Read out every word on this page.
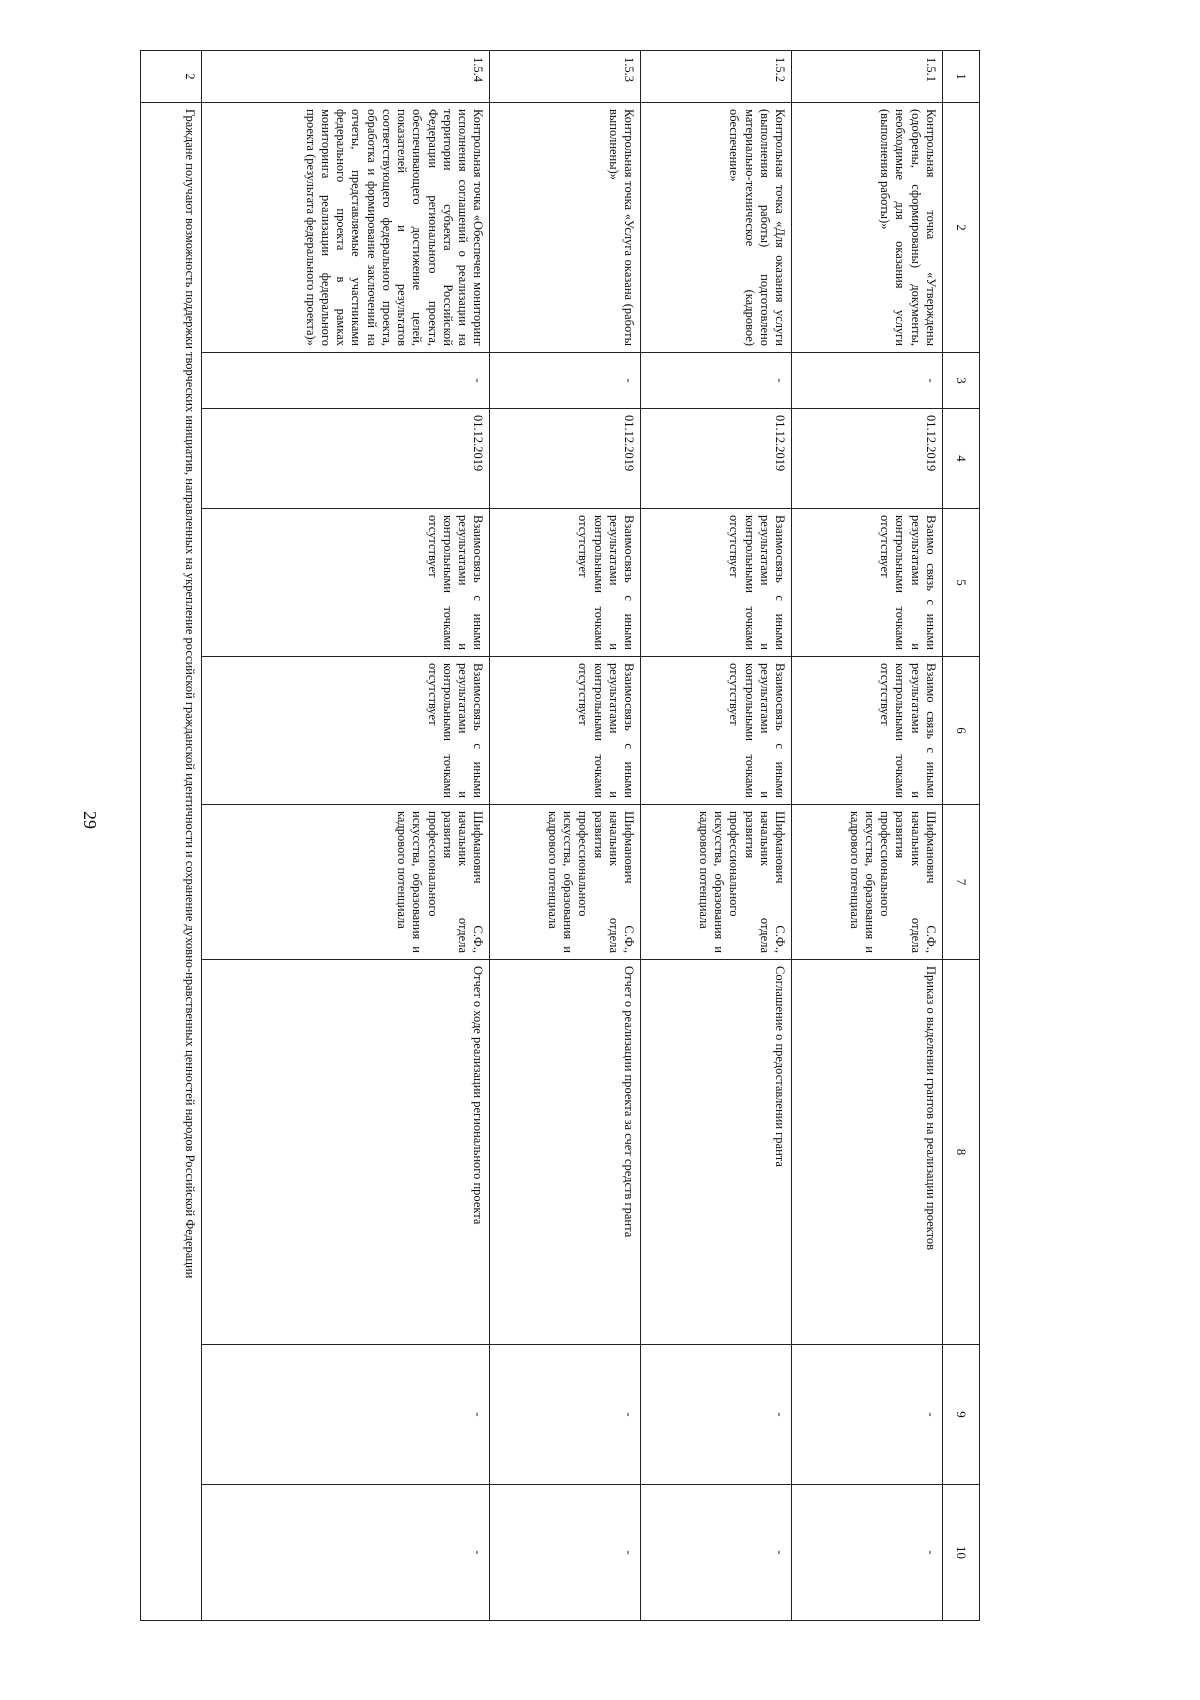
29
1	2	3	4	5	6	7	8	9	10
1.5.1	Контрольная точка «Утверждены (одобрены, сформированы) документы, необходимые для оказания услуги (выполнения работы)»	-	01.12.2019	Взаимо связь с иными результатами и контрольными точками отсутствует	Взаимо связь с иными результатами и контрольными точками отсутствует	Шифманович С.Ф., начальник отдела развития профессионального искусства, образования и кадрового потенциала	Приказ о выделении грантов на реализации проектов	-	-
1.5.2	Контрольная точка «Для оказания услуги (выполнения работы) подготовлено материально-техническое (кадровое) обеспечение»	-	01.12.2019	Взаимосвязь с иными результатами и контрольными точками отсутствует	Взаимосвязь с иными результатами и контрольными точками отсутствует	Шифманович С.Ф., начальник отдела развития профессионального искусства, образования и кадрового потенциала	Соглашение о предоставлении гранта	-	-
1.5.3	Контрольная точка «Услуга оказана (работы выполнены)»	-	01.12.2019	Взаимосвязь с иными результатами и контрольными точками отсутствует	Взаимосвязь с иными результатами и контрольными точками отсутствует	Шифманович С.Ф., начальник отдела развития профессионального искусства, образования и кадрового потенциала	Отчет о реализации проекта за счет средств гранта	-	-
1.5.4	Контрольная точка «Обеспечен мониторинг исполнения соглашений о реализации на территории субъекта Российской Федерации регионального проекта, обеспечивающего достижение целей, показателей и результатов соответствующего федерального проекта, обработка и формирование заключений на отчеты, представляемые участниками федерального проекта в рамках мониторинга реализации федерального проекта (результата федерального проекта)»	-	01.12.2019	Взаимосвязь с иными результатами и контрольными точками отсутствует	Взаимосвязь с иными результатами и контрольными точками отсутствует	Шифманович С.Ф., начальник отдела развития профессионального искусства, образования и кадрового потенциала	Отчет о ходе реализации регионального проекта	-	-
2	Граждане получают возможность поддержки творческих инициатив, направленных на укрепление российской гражданской идентичности и сохранение духовно-нравственных ценностей народов Российской Федерации								
